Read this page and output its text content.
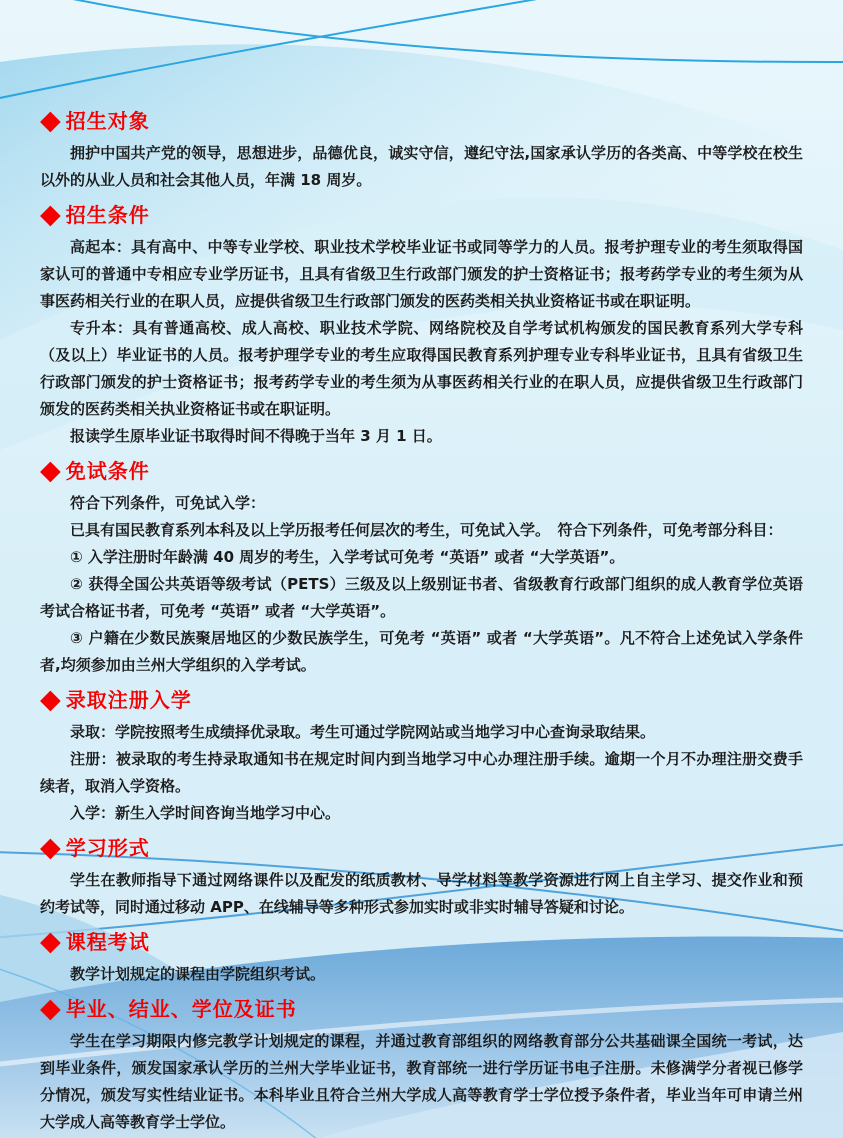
◆ 招生对象

拥护中国共产党的领导，思想进步，品德优良，诚实守信，遵纪守法,国家承认学历的各类高、中等学校在校生以外的从业人员和社会其他人员，年满 18 周岁。

◆ 招生条件

高起本：具有高中、中等专业学校、职业技术学校毕业证书或同等学力的人员。报考护理专业的考生须取得国家认可的普通中专相应专业学历证书，且具有省级卫生行政部门颁发的护士资格证书；报考药学专业的考生须为从事医药相关行业的在职人员，应提供省级卫生行政部门颁发的医药类相关执业资格证书或在职证明。

专升本：具有普通高校、成人高校、职业技术学院、网络院校及自学考试机构颁发的国民教育系列大学专科（及以上）毕业证书的人员。报考护理学专业的考生应取得国民教育系列护理专业专科毕业证书，且具有省级卫生行政部门颁发的护士资格证书；报考药学专业的考生须为从事医药相关行业的在职人员，应提供省级卫生行政部门颁发的医药类相关执业资格证书或在职证明。

报读学生原毕业证书取得时间不得晚于当年 3 月 1 日。

◆ 免试条件

符合下列条件，可免试入学：

已具有国民教育系列本科及以上学历报考任何层次的考生，可免试入学。　符合下列条件，可免考部分科目：

① 入学注册时年龄满 40 周岁的考生，入学考试可免考 “英语” 或者 “大学英语”。

② 获得全国公共英语等级考试（PETS）三级及以上级别证书者、省级教育行政部门组织的成人教育学位英语考试合格证书者，可免考 “英语” 或者 “大学英语”。

③ 户籍在少数民族聚居地区的少数民族学生，可免考 “英语” 或者 “大学英语”。凡不符合上述免试入学条件者,均须参加由兰州大学组织的入学考试。

◆ 录取注册入学

录取：学院按照考生成绩择优录取。考生可通过学院网站或当地学习中心查询录取结果。

注册：被录取的考生持录取通知书在规定时间内到当地学习中心办理注册手续。逾期一个月不办理注册交费手续者，取消入学资格。

入学：新生入学时间咨询当地学习中心。

◆ 学习形式

学生在教师指导下通过网络课件以及配发的纸质教材、导学材料等教学资源进行网上自主学习、提交作业和预约考试等，同时通过移动 APP、在线辅导等多种形式参加实时或非实时辅导答疑和讨论。

◆ 课程考试

教学计划规定的课程由学院组织考试。

◆ 毕业、结业、学位及证书

学生在学习期限内修完教学计划规定的课程，并通过教育部组织的网络教育部分公共基础课全国统一考试，达到毕业条件，颁发国家承认学历的兰州大学毕业证书，教育部统一进行学历证书电子注册。未修满学分者视已修学分情况，颁发写实性结业证书。本科毕业且符合兰州大学成人高等教育学士学位授予条件者，毕业当年可申请兰州大学成人高等教育学士学位。
